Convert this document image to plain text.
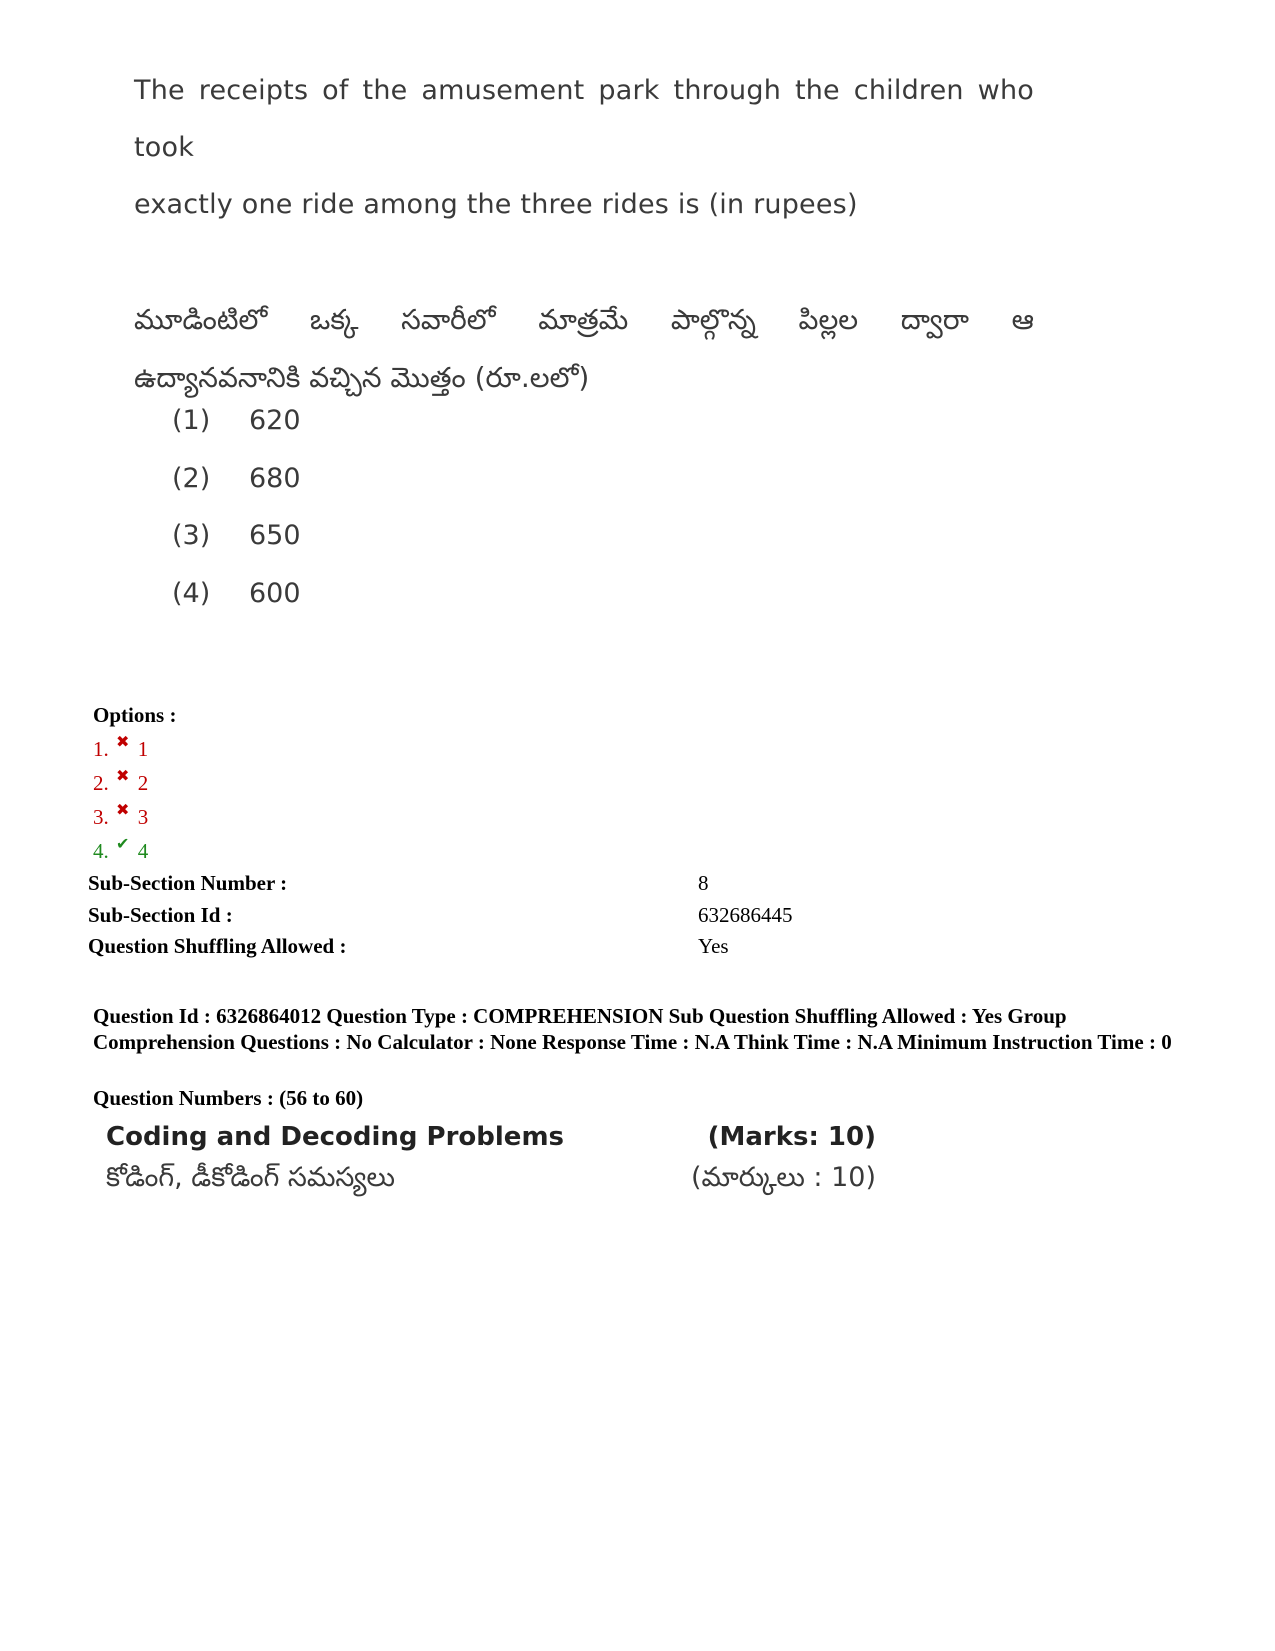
The receipts of the amusement park through the children who took
exactly one ride among the three rides is (in rupees)
మూడింటిలో ఒక్క సవారీలో మాత్రమే పాల్గొన్న పిల్లల ద్వారా ఆ
ఉద్యానవనానికి వచ్చిన మొత్తం (రూ.లలో)
(1)	620
(2)	680
(3)	650
(4)	600
Options :
1. ✖ 1
2. ✖ 2
3. ✖ 3
4. ✔ 4
Sub-Section Number :	8
Sub-Section Id :	632686445
Question Shuffling Allowed :	Yes
Question Id : 6326864012 Question Type : COMPREHENSION Sub Question Shuffling Allowed : Yes Group Comprehension Questions : No Calculator : None Response Time : N.A Think Time : N.A Minimum Instruction Time : 0
Question Numbers : (56 to 60)
Coding and Decoding Problems	(Marks: 10)
కోడింగ్, డీకోడింగ్ సమస్యలు	(మార్కులు : 10)
